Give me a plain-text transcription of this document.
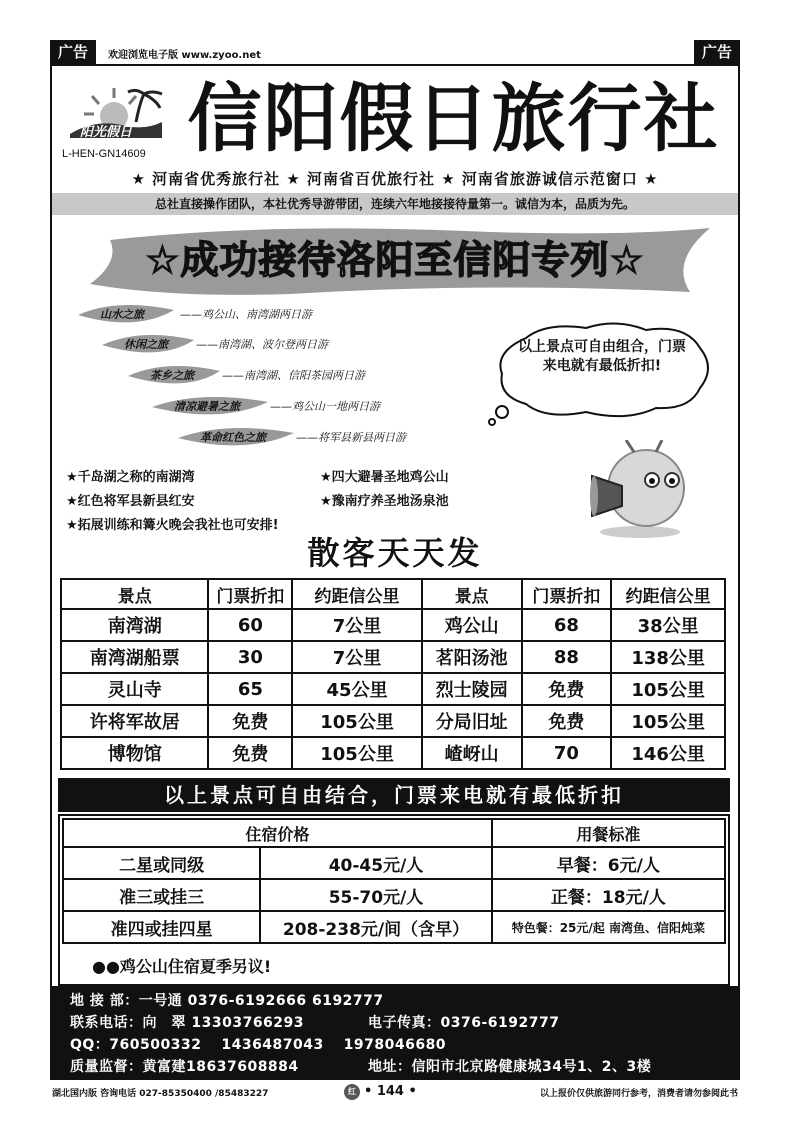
广告	欢迎浏览电子版 www.zyoo.net	广告
阳光假日
L-HEN-GN14609 信阳假日旅行社
★ 河南省优秀旅行社 ★ 河南省百优旅行社 ★ 河南省旅游诚信示范窗口 ★
总社直接操作团队，本社优秀导游带团，连续六年地接接待量第一。诚信为本，品质为先。
☆成功接待洛阳至信阳专列☆
山水之旅	——鸡公山、南湾湖两日游
休闲之旅	——南湾湖、波尔登两日游
茶乡之旅	——南湾湖、信阳茶园两日游
清凉避暑之旅	——鸡公山一地两日游
革命红色之旅	——将军县新县两日游
以上景点可自由组合，门票来电就有最低折扣!
★千岛湖之称的南湖湾	★四大避暑圣地鸡公山
★红色将军县新县红安	★豫南疗养圣地汤泉池
★拓展训练和篝火晚会我社也可安排!
散客天天发
景点	门票折扣	约距信公里	景点	门票折扣	约距信公里
南湾湖	60	7公里	鸡公山	68	38公里
南湾湖船票	30	7公里	茗阳汤池	88	138公里
灵山寺	65	45公里	烈士陵园	免费	105公里
许将军故居	免费	105公里	分局旧址	免费	105公里
博物馆	免费	105公里	嵖岈山	70	146公里
以上景点可自由结合，门票来电就有最低折扣
住宿价格		用餐标准
二星或同级	40-45元/人	早餐：6元/人
准三或挂三	55-70元/人	正餐：18元/人
准四或挂四星	208-238元/间（含早）	特色餐：25元/起 南湾鱼、信阳炖菜
●●鸡公山住宿夏季另议!
地 接 部：一号通 0376-6192666 6192777
联系电话：向　翠 13303766293	电子传真：0376-6192777
QQ：760500332　 1436487043　 1978046680
质量监督：黄富建18637608884	地址：信阳市北京路健康城34号1、2、3楼
湖北国内版 咨询电话 027-85350400 /85483227	红 • 144 •	以上报价仅供旅游同行参考，消费者请勿参阅此书
